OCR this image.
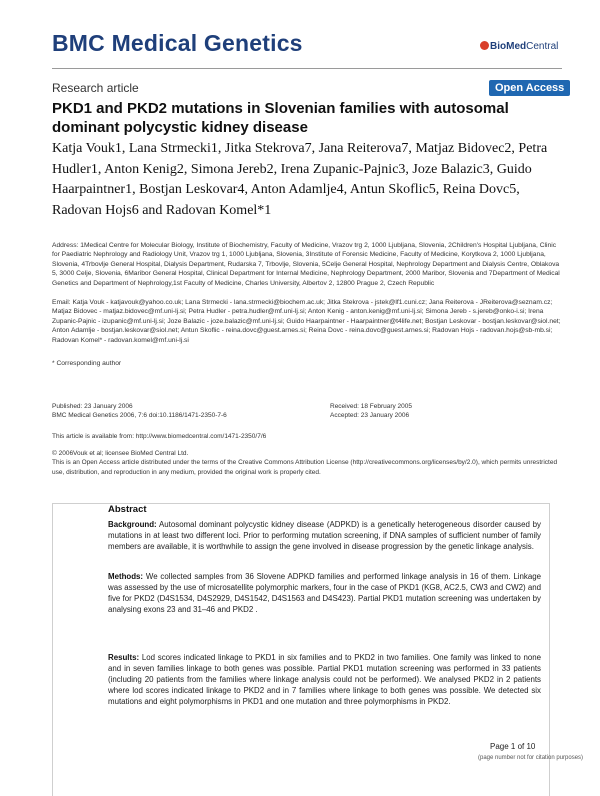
BMC Medical Genetics	BioMedCentral
Research article	Open Access
PKD1 and PKD2 mutations in Slovenian families with autosomal dominant polycystic kidney disease
Katja Vouk1, Lana Strmecki1, Jitka Stekrova7, Jana Reiterova7, Matjaz Bidovec2, Petra Hudler1, Anton Kenig2, Simona Jereb2, Irena Zupanic-Pajnic3, Joze Balazic3, Guido Haarpaintner1, Bostjan Leskovar4, Anton Adamlje4, Antun Skoflic5, Reina Dovc5, Radovan Hojs6 and Radovan Komel*1
Address: 1Medical Centre for Molecular Biology, Institute of Biochemistry, Faculty of Medicine, Vrazov trg 2, 1000 Ljubljana, Slovenia, 2Children's Hospital Ljubljana, Clinic for Paediatric Nephrology and Radiology Unit, Vrazov trg 1, 1000 Ljubljana, Slovenia, 3Institute of Forensic Medicine, Faculty of Medicine, Korytkova 2, 1000 Ljubljana, Slovenia, 4Trbovlje General Hospital, Dialysis Department, Rudarska 7, Trbovlje, Slovenia, 5Celje General Hospital, Nephrology Department and Dialysis Centre, Oblakova 5, 3000 Celje, Slovenia, 6Maribor General Hospital, Clinical Department for Internal Medicine, Nephrology Department, 2000 Maribor, Slovenia and 7Department of Medical Genetics and Department of Nephrology,1st Faculty of Medicine, Charles University, Albertov 2, 12800 Prague 2, Czech Republic
Email: Katja Vouk - katjavouk@yahoo.co.uk; Lana Strmecki - lana.strmecki@biochem.ac.uk; Jitka Stekrova - jstek@lf1.cuni.cz; Jana Reiterova - JReiterova@seznam.cz; Matjaz Bidovec - matjaz.bidovec@mf.uni-lj.si; Petra Hudler - petra.hudler@mf.uni-lj.si; Anton Kenig - anton.kenig@mf.uni-lj.si; Simona Jereb - s.jereb@onko-i.si; Irena Zupanic-Pajnic - izupanic@mf.uni-lj.si; Joze Balazic - joze.balazic@mf.uni-lj.si; Guido Haarpaintner - Haarpaintner@t4life.net; Bostjan Leskovar - bostjan.leskovar@siol.net; Anton Adamlje - bostjan.leskovar@siol.net; Antun Skoflic - reina.dovc@guest.arnes.si; Reina Dovc - reina.dovc@guest.arnes.si; Radovan Hojs - radovan.hojs@sb-mb.si; Radovan Komel* - radovan.komel@mf.uni-lj.si
* Corresponding author
Published: 23 January 2006
BMC Medical Genetics 2006, 7:6 doi:10.1186/1471-2350-7-6
Received: 18 February 2005
Accepted: 23 January 2006
This article is available from: http://www.biomedcentral.com/1471-2350/7/6
© 2006Vouk et al; licensee BioMed Central Ltd.
This is an Open Access article distributed under the terms of the Creative Commons Attribution License (http://creativecommons.org/licenses/by/2.0), which permits unrestricted use, distribution, and reproduction in any medium, provided the original work is properly cited.
Abstract
Background: Autosomal dominant polycystic kidney disease (ADPKD) is a genetically heterogeneous disorder caused by mutations in at least two different loci. Prior to performing mutation screening, if DNA samples of sufficient number of family members are available, it is worthwhile to assign the gene involved in disease progression by the genetic linkage analysis.
Methods: We collected samples from 36 Slovene ADPKD families and performed linkage analysis in 16 of them. Linkage was assessed by the use of microsatellite polymorphic markers, four in the case of PKD1 (KG8, AC2.5, CW3 and CW2) and five for PKD2 (D4S1534, D4S2929, D4S1542, D4S1563 and D4S423). Partial PKD1 mutation screening was undertaken by analysing exons 23 and 31–46 and PKD2 .
Results: Lod scores indicated linkage to PKD1 in six families and to PKD2 in two families. One family was linked to none and in seven families linkage to both genes was possible. Partial PKD1 mutation screening was performed in 33 patients (including 20 patients from the families where linkage analysis could not be performed). We analysed PKD2 in 2 patients where lod scores indicated linkage to PKD2 and in 7 families where linkage to both genes was possible. We detected six mutations and eight polymorphisms in PKD1 and one mutation and three polymorphisms in PKD2.
Page 1 of 10
(page number not for citation purposes)
